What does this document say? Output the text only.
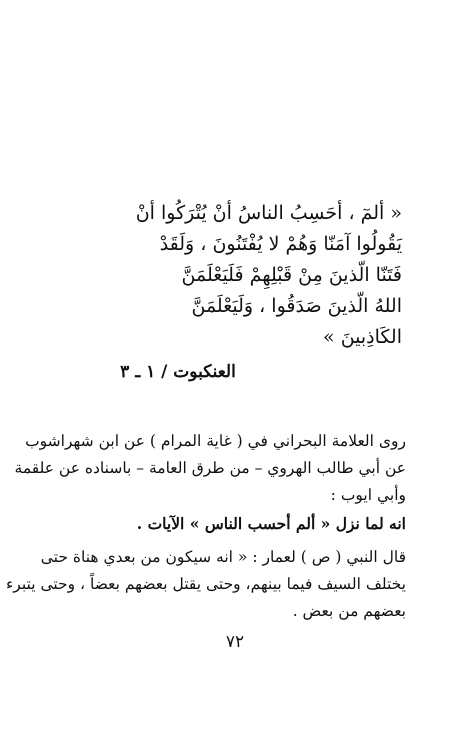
« ألمٓ ، أحَسِبُ الناسُ أنْ يُتْرَكُوا أنْ
يَقُولُوا آمَنّا وَهُمْ لا يُفْتَنُونَ ، وَلَقَدْ
فَتَنّا الّذينَ مِنْ قَبْلِهِمْ فَلَيَعْلَمَنَّ
اللهُ الّذينَ صَدَقُوا ، وَلَيَعْلَمَنَّ
الكَاذِبينَ »
العنكبوت / ١ ـ ٣
روى العلامة البحراني في ( غاية المرام ) عن ابن شهراشوب
عن أبي طالب الهروي – من طرق العامة – باسناده عن علقمة
وأبي ايوب :
انه لما نزل « ألم أحسب الناس » الآيات .
قال النبي ( ص ) لعمار : « انه سيكون من بعدي هناة حتى
يختلف السيف فيما بينهم، وحتى يقتل بعضهم بعضاً ، وحتى يتبرء
بعضهم من بعض .
٧٢
